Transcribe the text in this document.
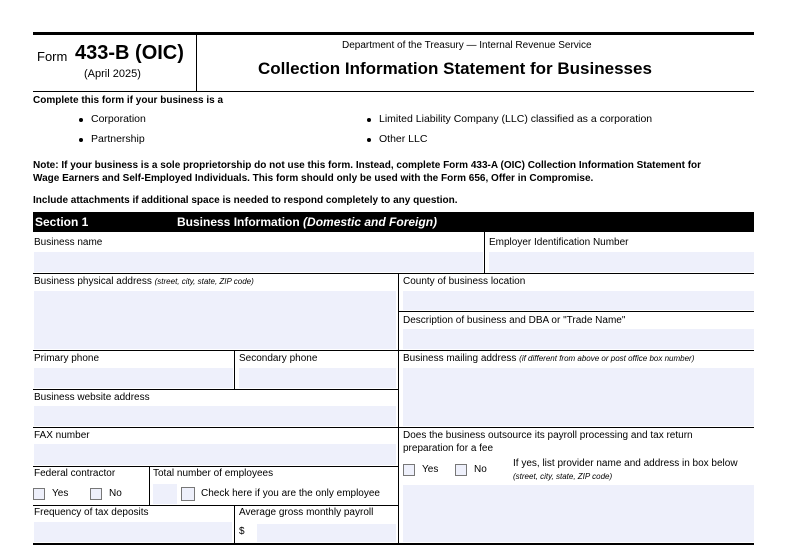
Form 433-B (OIC)
(April 2025)
Department of the Treasury — Internal Revenue Service
Collection Information Statement for Businesses
Complete this form if your business is a
Corporation
Partnership
Limited Liability Company (LLC) classified as a corporation
Other LLC
Note: If your business is a sole proprietorship do not use this form. Instead, complete Form 433-A (OIC) Collection Information Statement for
Wage Earners and Self-Employed Individuals. This form should only be used with the Form 656, Offer in Compromise.
Include attachments if additional space is needed to respond completely to any question.
Section 1	Business Information (Domestic and Foreign)
Business name	Employer Identification Number
Business physical address (street, city, state, ZIP code)	County of business location
Description of business and DBA or "Trade Name"
Primary phone	Secondary phone	Business mailing address (if different from above or post office box number)
Business website address
FAX number	Does the business outsource its payroll processing and tax return
preparation for a fee
Yes	No
If yes, list provider name and address in box below
(street, city, state, ZIP code)
Federal contractor
Yes	No
Total number of employees
Check here if you are the only employee
Frequency of tax deposits	Average gross monthly payroll
$
